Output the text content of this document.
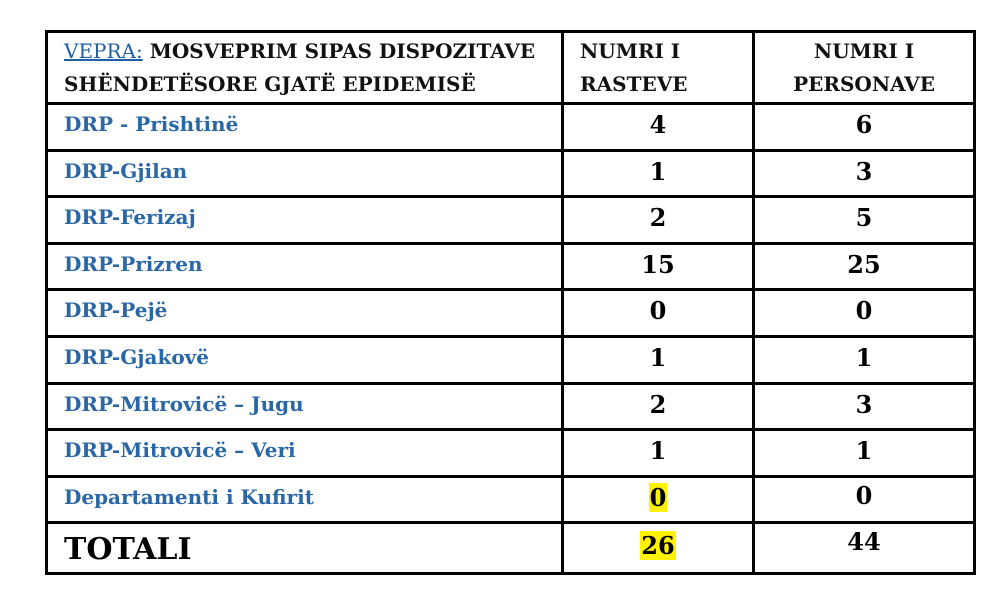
VEPRA: MOSVEPRIM SIPAS DISPOZITAVE SHËNDETËSORE GJATË EPIDEMISË	NUMRI I RASTEVE	NUMRI I PERSONAVE
DRP - Prishtinë	4	6
DRP-Gjilan	1	3
DRP-Ferizaj	2	5
DRP-Prizren	15	25
DRP-Pejë	0	0
DRP-Gjakovë	1	1
DRP-Mitrovicë – Jugu	2	3
DRP-Mitrovicë – Veri	1	1
Departamenti i Kufirit	0	0
TOTALI	26	44
